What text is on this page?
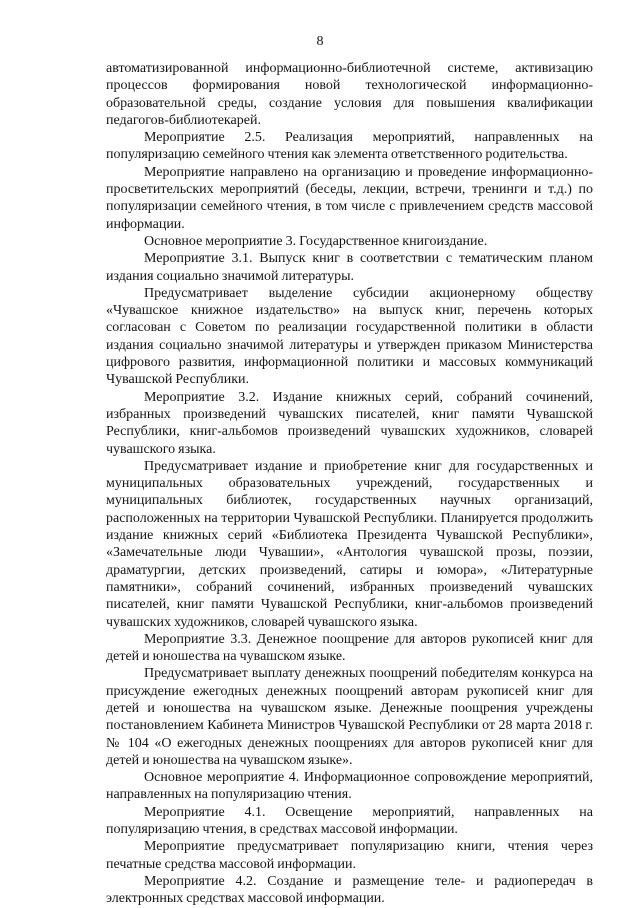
8

автоматизированной информационно-библиотечной системе, активизацию процессов формирования новой технологической информационно-образовательной среды, создание условия для повышения квалификации педагогов-библиотекарей.

Мероприятие 2.5. Реализация мероприятий, направленных на популяризацию семейного чтения как элемента ответственного родительства.

Мероприятие направлено на организацию и проведение информационно-просветительских мероприятий (беседы, лекции, встречи, тренинги и т.д.) по популяризации семейного чтения, в том числе с привлечением средств массовой информации.

Основное мероприятие 3. Государственное книгоиздание.

Мероприятие 3.1. Выпуск книг в соответствии с тематическим планом издания социально значимой литературы.

Предусматривает выделение субсидии акционерному обществу «Чувашское книжное издательство» на выпуск книг, перечень которых согласован с Советом по реализации государственной политики в области издания социально значимой литературы и утвержден приказом Министерства цифрового развития, информационной политики и массовых коммуникаций Чувашской Республики.

Мероприятие 3.2. Издание книжных серий, собраний сочинений, избранных произведений чувашских писателей, книг памяти Чувашской Республики, книг-альбомов произведений чувашских художников, словарей чувашского языка.

Предусматривает издание и приобретение книг для государственных и муниципальных образовательных учреждений, государственных и муниципальных библиотек, государственных научных организаций, расположенных на территории Чувашской Республики. Планируется продолжить издание книжных серий «Библиотека Президента Чувашской Республики», «Замечательные люди Чувашии», «Антология чувашской прозы, поэзии, драматургии, детских произведений, сатиры и юмора», «Литературные памятники», собраний сочинений, избранных произведений чувашских писателей, книг памяти Чувашской Республики, книг-альбомов произведений чувашских художников, словарей чувашского языка.

Мероприятие 3.3. Денежное поощрение для авторов рукописей книг для детей и юношества на чувашском языке.

Предусматривает выплату денежных поощрений победителям конкурса на присуждение ежегодных денежных поощрений авторам рукописей книг для детей и юношества на чувашском языке. Денежные поощрения учреждены постановлением Кабинета Министров Чувашской Республики от 28 марта 2018 г. № 104 «О ежегодных денежных поощрениях для авторов рукописей книг для детей и юношества на чувашском языке».

Основное мероприятие 4. Информационное сопровождение мероприятий, направленных на популяризацию чтения.

Мероприятие 4.1. Освещение мероприятий, направленных на популяризацию чтения, в средствах массовой информации.

Мероприятие предусматривает популяризацию книги, чтения через печатные средства массовой информации.

Мероприятие 4.2. Создание и размещение теле- и радиопередач в электронных средствах массовой информации.
